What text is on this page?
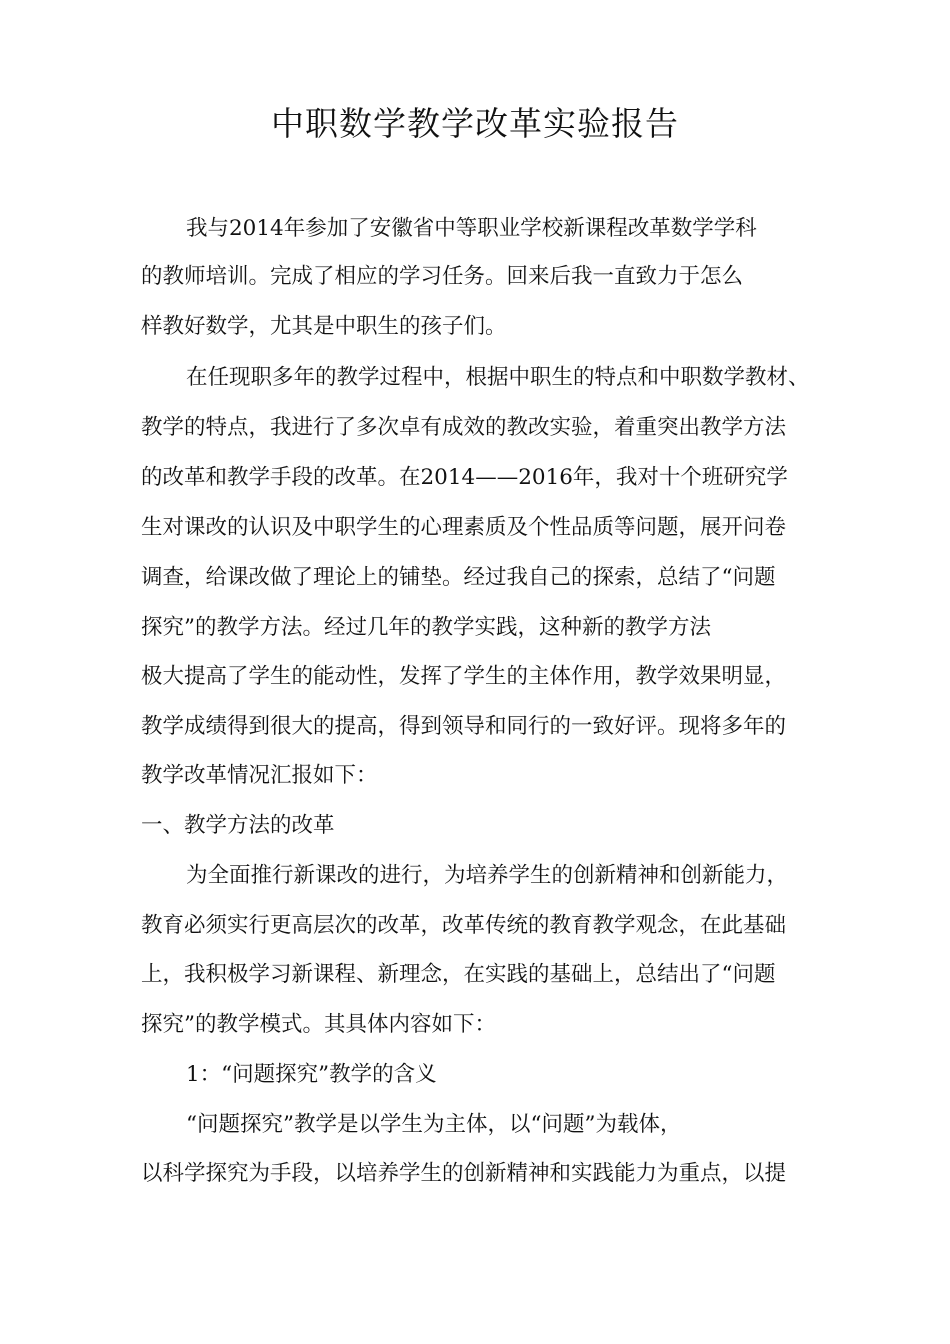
中职数学教学改革实验报告
我与2014年参加了安徽省中等职业学校新课程改革数学学科
的教师培训。完成了相应的学习任务。回来后我一直致力于怎么
样教好数学，尤其是中职生的孩子们。
在任现职多年的教学过程中，根据中职生的特点和中职数学教材、
教学的特点，我进行了多次卓有成效的教改实验，着重突出教学方法
的改革和教学手段的改革。在2014——2016年，我对十个班研究学
生对课改的认识及中职学生的心理素质及个性品质等问题，展开问卷
调查，给课改做了理论上的铺垫。经过我自己的探索，总结了“问题
探究”的教学方法。经过几年的教学实践，这种新的教学方法
极大提高了学生的能动性，发挥了学生的主体作用，教学效果明显，
教学成绩得到很大的提高，得到领导和同行的一致好评。现将多年的
教学改革情况汇报如下：
一、教学方法的改革
为全面推行新课改的进行，为培养学生的创新精神和创新能力，
教育必须实行更高层次的改革，改革传统的教育教学观念，在此基础
上，我积极学习新课程、新理念，在实践的基础上，总结出了“问题
探究”的教学模式。其具体内容如下：
1：“问题探究”教学的含义
“问题探究”教学是以学生为主体，以“问题”为载体，
以科学探究为手段，以培养学生的创新精神和实践能力为重点，以提
